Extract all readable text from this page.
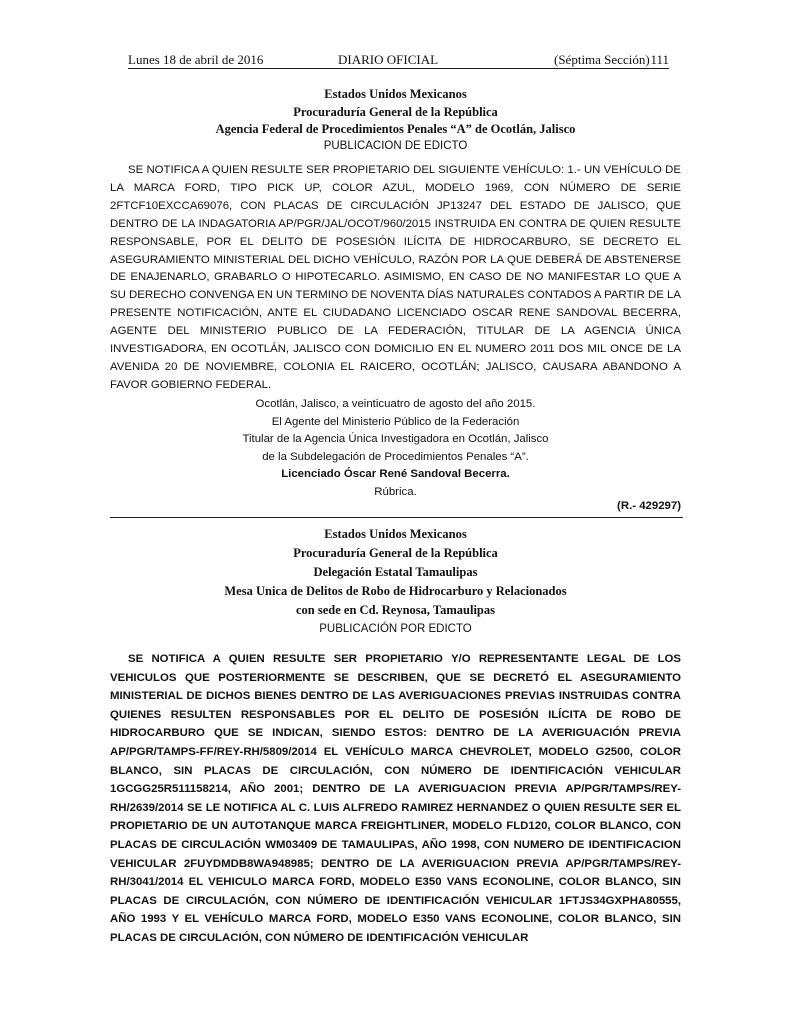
Lunes 18 de abril de 2016	DIARIO OFICIAL	(Séptima Sección) 111
Estados Unidos Mexicanos
Procuraduría General de la República
Agencia Federal de Procedimientos Penales “A” de Ocotlán, Jalisco
PUBLICACION DE EDICTO

SE NOTIFICA A QUIEN RESULTE SER PROPIETARIO DEL SIGUIENTE VEHÍCULO: 1.- UN VEHÍCULO DE LA MARCA FORD, TIPO PICK UP, COLOR AZUL, MODELO 1969, CON NÚMERO DE SERIE 2FTCF10EXCCA69076, CON PLACAS DE CIRCULACIÓN JP13247 DEL ESTADO DE JALISCO, QUE DENTRO DE LA INDAGATORIA AP/PGR/JAL/OCOT/960/2015 INSTRUIDA EN CONTRA DE QUIEN RESULTE RESPONSABLE, POR EL DELITO DE POSESIÓN ILÍCITA DE HIDROCARBURO, SE DECRETO EL ASEGURAMIENTO MINISTERIAL DEL DICHO VEHÍCULO, RAZÓN POR LA QUE DEBERÁ DE ABSTENERSE DE ENAJENARLO, GRABARLO O HIPOTECARLO. ASIMISMO, EN CASO DE NO MANIFESTAR LO QUE A SU DERECHO CONVENGA EN UN TERMINO DE NOVENTA DÍAS NATURALES CONTADOS A PARTIR DE LA PRESENTE NOTIFICACIÓN, ANTE EL CIUDADANO LICENCIADO OSCAR RENE SANDOVAL BECERRA, AGENTE DEL MINISTERIO PUBLICO DE LA FEDERACIÓN, TITULAR DE LA AGENCIA ÚNICA INVESTIGADORA, EN OCOTLÁN, JALISCO CON DOMICILIO EN EL NUMERO 2011 DOS MIL ONCE DE LA AVENIDA 20 DE NOVIEMBRE, COLONIA EL RAICERO, OCOTLÁN; JALISCO, CAUSARA ABANDONO A FAVOR GOBIERNO FEDERAL.

Ocotlán, Jalisco, a veinticuatro de agosto del año 2015.
El Agente del Ministerio Público de la Federación
Titular de la Agencia Única Investigadora en Ocotlán, Jalisco
de la Subdelegación de Procedimientos Penales “A”.
Licenciado Óscar René Sandoval Becerra.
Rúbrica.
(R.- 429297)
Estados Unidos Mexicanos
Procuraduría General de la República
Delegación Estatal Tamaulipas
Mesa Unica de Delitos de Robo de Hidrocarburo y Relacionados
con sede en Cd. Reynosa, Tamaulipas
PUBLICACIÓN POR EDICTO

SE NOTIFICA A QUIEN RESULTE SER PROPIETARIO Y/O REPRESENTANTE LEGAL DE LOS VEHICULOS QUE POSTERIORMENTE SE DESCRIBEN, QUE SE DECRETÓ EL ASEGURAMIENTO MINISTERIAL DE DICHOS BIENES DENTRO DE LAS AVERIGUACIONES PREVIAS INSTRUIDAS CONTRA QUIENES RESULTEN RESPONSABLES POR EL DELITO DE POSESIÓN ILÍCITA DE ROBO DE HIDROCARBURO QUE SE INDICAN, SIENDO ESTOS: DENTRO DE LA AVERIGUACIÓN PREVIA AP/PGR/TAMPS-FF/REY-RH/5809/2014 EL VEHÍCULO MARCA CHEVROLET, MODELO G2500, COLOR BLANCO, SIN PLACAS DE CIRCULACIÓN, CON NÚMERO DE IDENTIFICACIÓN VEHICULAR 1GCGG25R511158214, AÑO 2001; DENTRO DE LA AVERIGUACION PREVIA AP/PGR/TAMPS/REY-RH/2639/2014 SE LE NOTIFICA AL C. LUIS ALFREDO RAMIREZ HERNANDEZ O QUIEN RESULTE SER EL PROPIETARIO DE UN AUTOTANQUE MARCA FREIGHTLINER, MODELO FLD120, COLOR BLANCO, CON PLACAS DE CIRCULACIÓN WM03409 DE TAMAULIPAS, AÑO 1998, CON NUMERO DE IDENTIFICACION VEHICULAR 2FUYDMDB8WA948985; DENTRO DE LA AVERIGUACION PREVIA AP/PGR/TAMPS/REY-RH/3041/2014 EL VEHICULO MARCA FORD, MODELO E350 VANS ECONOLINE, COLOR BLANCO, SIN PLACAS DE CIRCULACIÓN, CON NÚMERO DE IDENTIFICACIÓN VEHICULAR 1FTJS34GXPHA80555, AÑO 1993 Y EL VEHÍCULO MARCA FORD, MODELO E350 VANS ECONOLINE, COLOR BLANCO, SIN PLACAS DE CIRCULACIÓN, CON NÚMERO DE IDENTIFICACIÓN VEHICULAR
